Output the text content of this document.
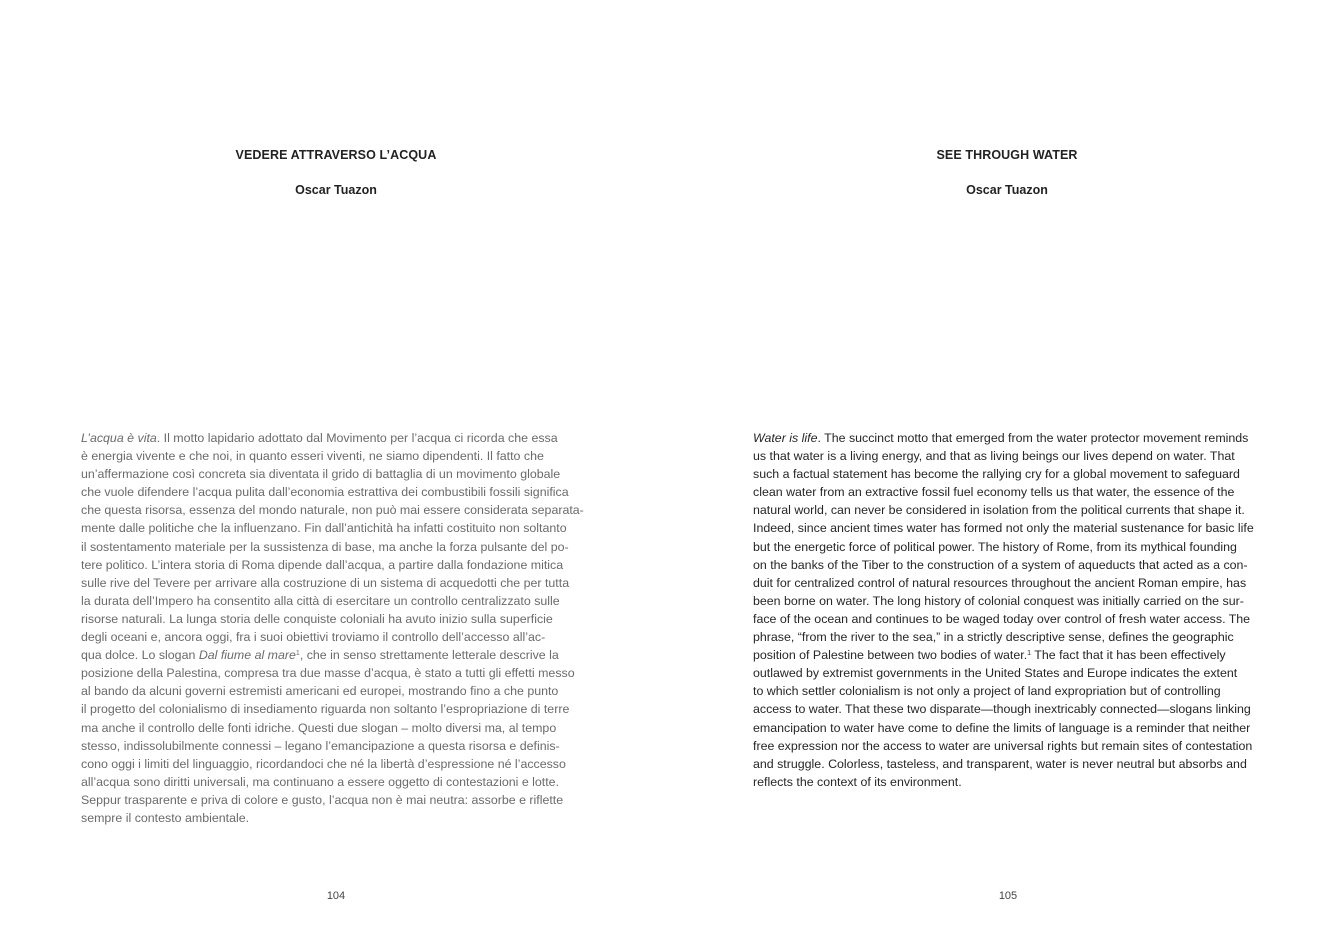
VEDERE ATTRAVERSO L’ACQUA
Oscar Tuazon
L’acqua è vita. Il motto lapidario adottato dal Movimento per l’acqua ci ricorda che essa
è energia vivente e che noi, in quanto esseri viventi, ne siamo dipendenti. Il fatto che
un’affermazione così concreta sia diventata il grido di battaglia di un movimento globale
che vuole difendere l’acqua pulita dall’economia estrattiva dei combustibili fossili significa
che questa risorsa, essenza del mondo naturale, non può mai essere considerata separata-
mente dalle politiche che la influenzano. Fin dall’antichità ha infatti costituito non soltanto
il sostentamento materiale per la sussistenza di base, ma anche la forza pulsante del po-
tere politico. L’intera storia di Roma dipende dall’acqua, a partire dalla fondazione mitica
sulle rive del Tevere per arrivare alla costruzione di un sistema di acquedotti che per tutta
la durata dell’Impero ha consentito alla città di esercitare un controllo centralizzato sulle
risorse naturali. La lunga storia delle conquiste coloniali ha avuto inizio sulla superficie
degli oceani e, ancora oggi, fra i suoi obiettivi troviamo il controllo dell’accesso all’ac-
qua dolce. Lo slogan Dal fiume al mare$^1$, che in senso strettamente letterale descrive la
posizione della Palestina, compresa tra due masse d’acqua, è stato a tutti gli effetti messo
al bando da alcuni governi estremisti americani ed europei, mostrando fino a che punto
il progetto del colonialismo di insediamento riguarda non soltanto l’espropriazione di terre
ma anche il controllo delle fonti idriche. Questi due slogan – molto diversi ma, al tempo
stesso, indissolubilmente connessi – legano l’emancipazione a questa risorsa e definis-
cono oggi i limiti del linguaggio, ricordandoci che né la libertà d’espressione né l’accesso
all’acqua sono diritti universali, ma continuano a essere oggetto di contestazioni e lotte.
Seppur trasparente e priva di colore e gusto, l’acqua non è mai neutra: assorbe e riflette
sempre il contesto ambientale.
104
SEE THROUGH WATER
Oscar Tuazon
Water is life. The succinct motto that emerged from the water protector movement reminds
us that water is a living energy, and that as living beings our lives depend on water. That
such a factual statement has become the rallying cry for a global movement to safeguard
clean water from an extractive fossil fuel economy tells us that water, the essence of the
natural world, can never be considered in isolation from the political currents that shape it.
Indeed, since ancient times water has formed not only the material sustenance for basic life
but the energetic force of political power. The history of Rome, from its mythical founding
on the banks of the Tiber to the construction of a system of aqueducts that acted as a con-
duit for centralized control of natural resources throughout the ancient Roman empire, has
been borne on water. The long history of colonial conquest was initially carried on the sur-
face of the ocean and continues to be waged today over control of fresh water access. The
phrase, “from the river to the sea,” in a strictly descriptive sense, defines the geographic
position of Palestine between two bodies of water.$^1$ The fact that it has been effectively
outlawed by extremist governments in the United States and Europe indicates the extent
to which settler colonialism is not only a project of land expropriation but of controlling
access to water. That these two disparate—though inextricably connected—slogans linking
emancipation to water have come to define the limits of language is a reminder that neither
free expression nor the access to water are universal rights but remain sites of contestation
and struggle. Colorless, tasteless, and transparent, water is never neutral but absorbs and
reflects the context of its environment.
105
